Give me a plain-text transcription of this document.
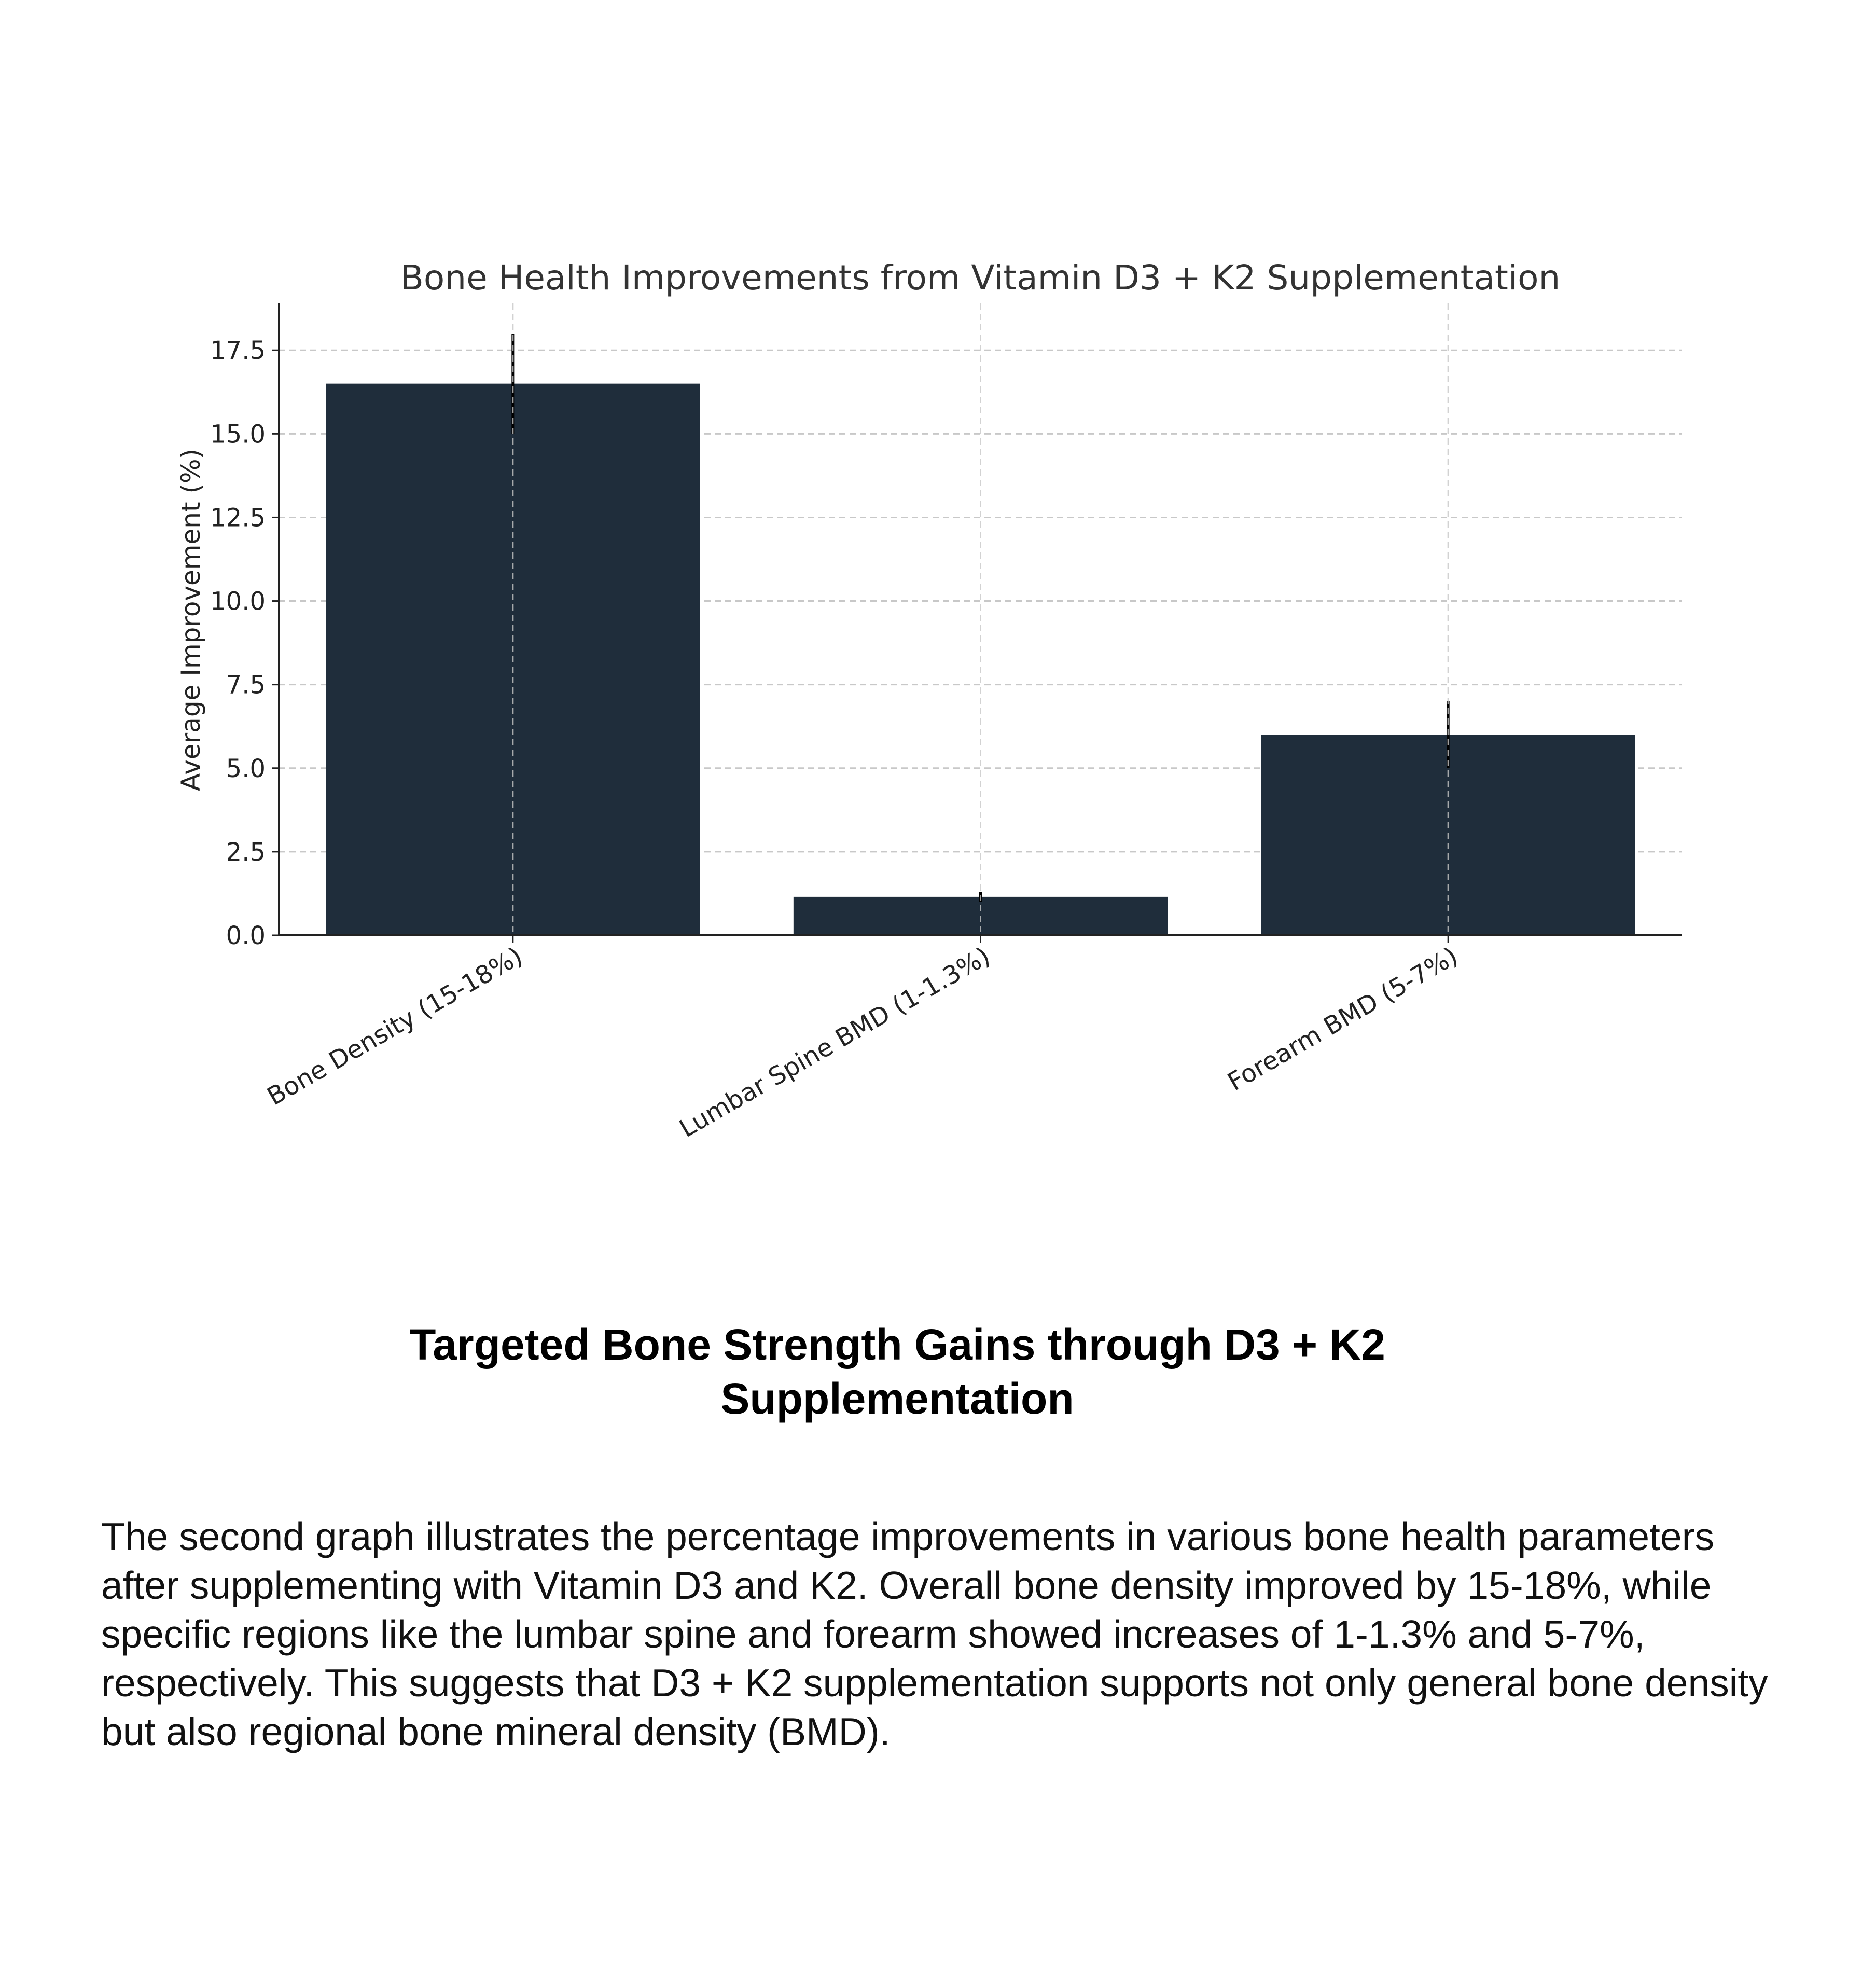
Bone Health Improvements from Vitamin D3 + K2 Supplementation
0.0
2.5
5.0
7.5
10.0
12.5
15.0
17.5
Bone Density (15-18%)	Lumbar Spine BMD (1-1.3%)	Forearm BMD (5-7%)
Average Improvement (%)
Targeted Bone Strength Gains through D3 + K2
Supplementation

The second graph illustrates the percentage improvements in various bone health parameters after supplementing with Vitamin D3 and K2. Overall bone density improved by 15-18%, while specific regions like the lumbar spine and forearm showed increases of 1-1.3% and 5-7%, respectively. This suggests that D3 + K2 supplementation supports not only general bone density but also regional bone mineral density (BMD).
